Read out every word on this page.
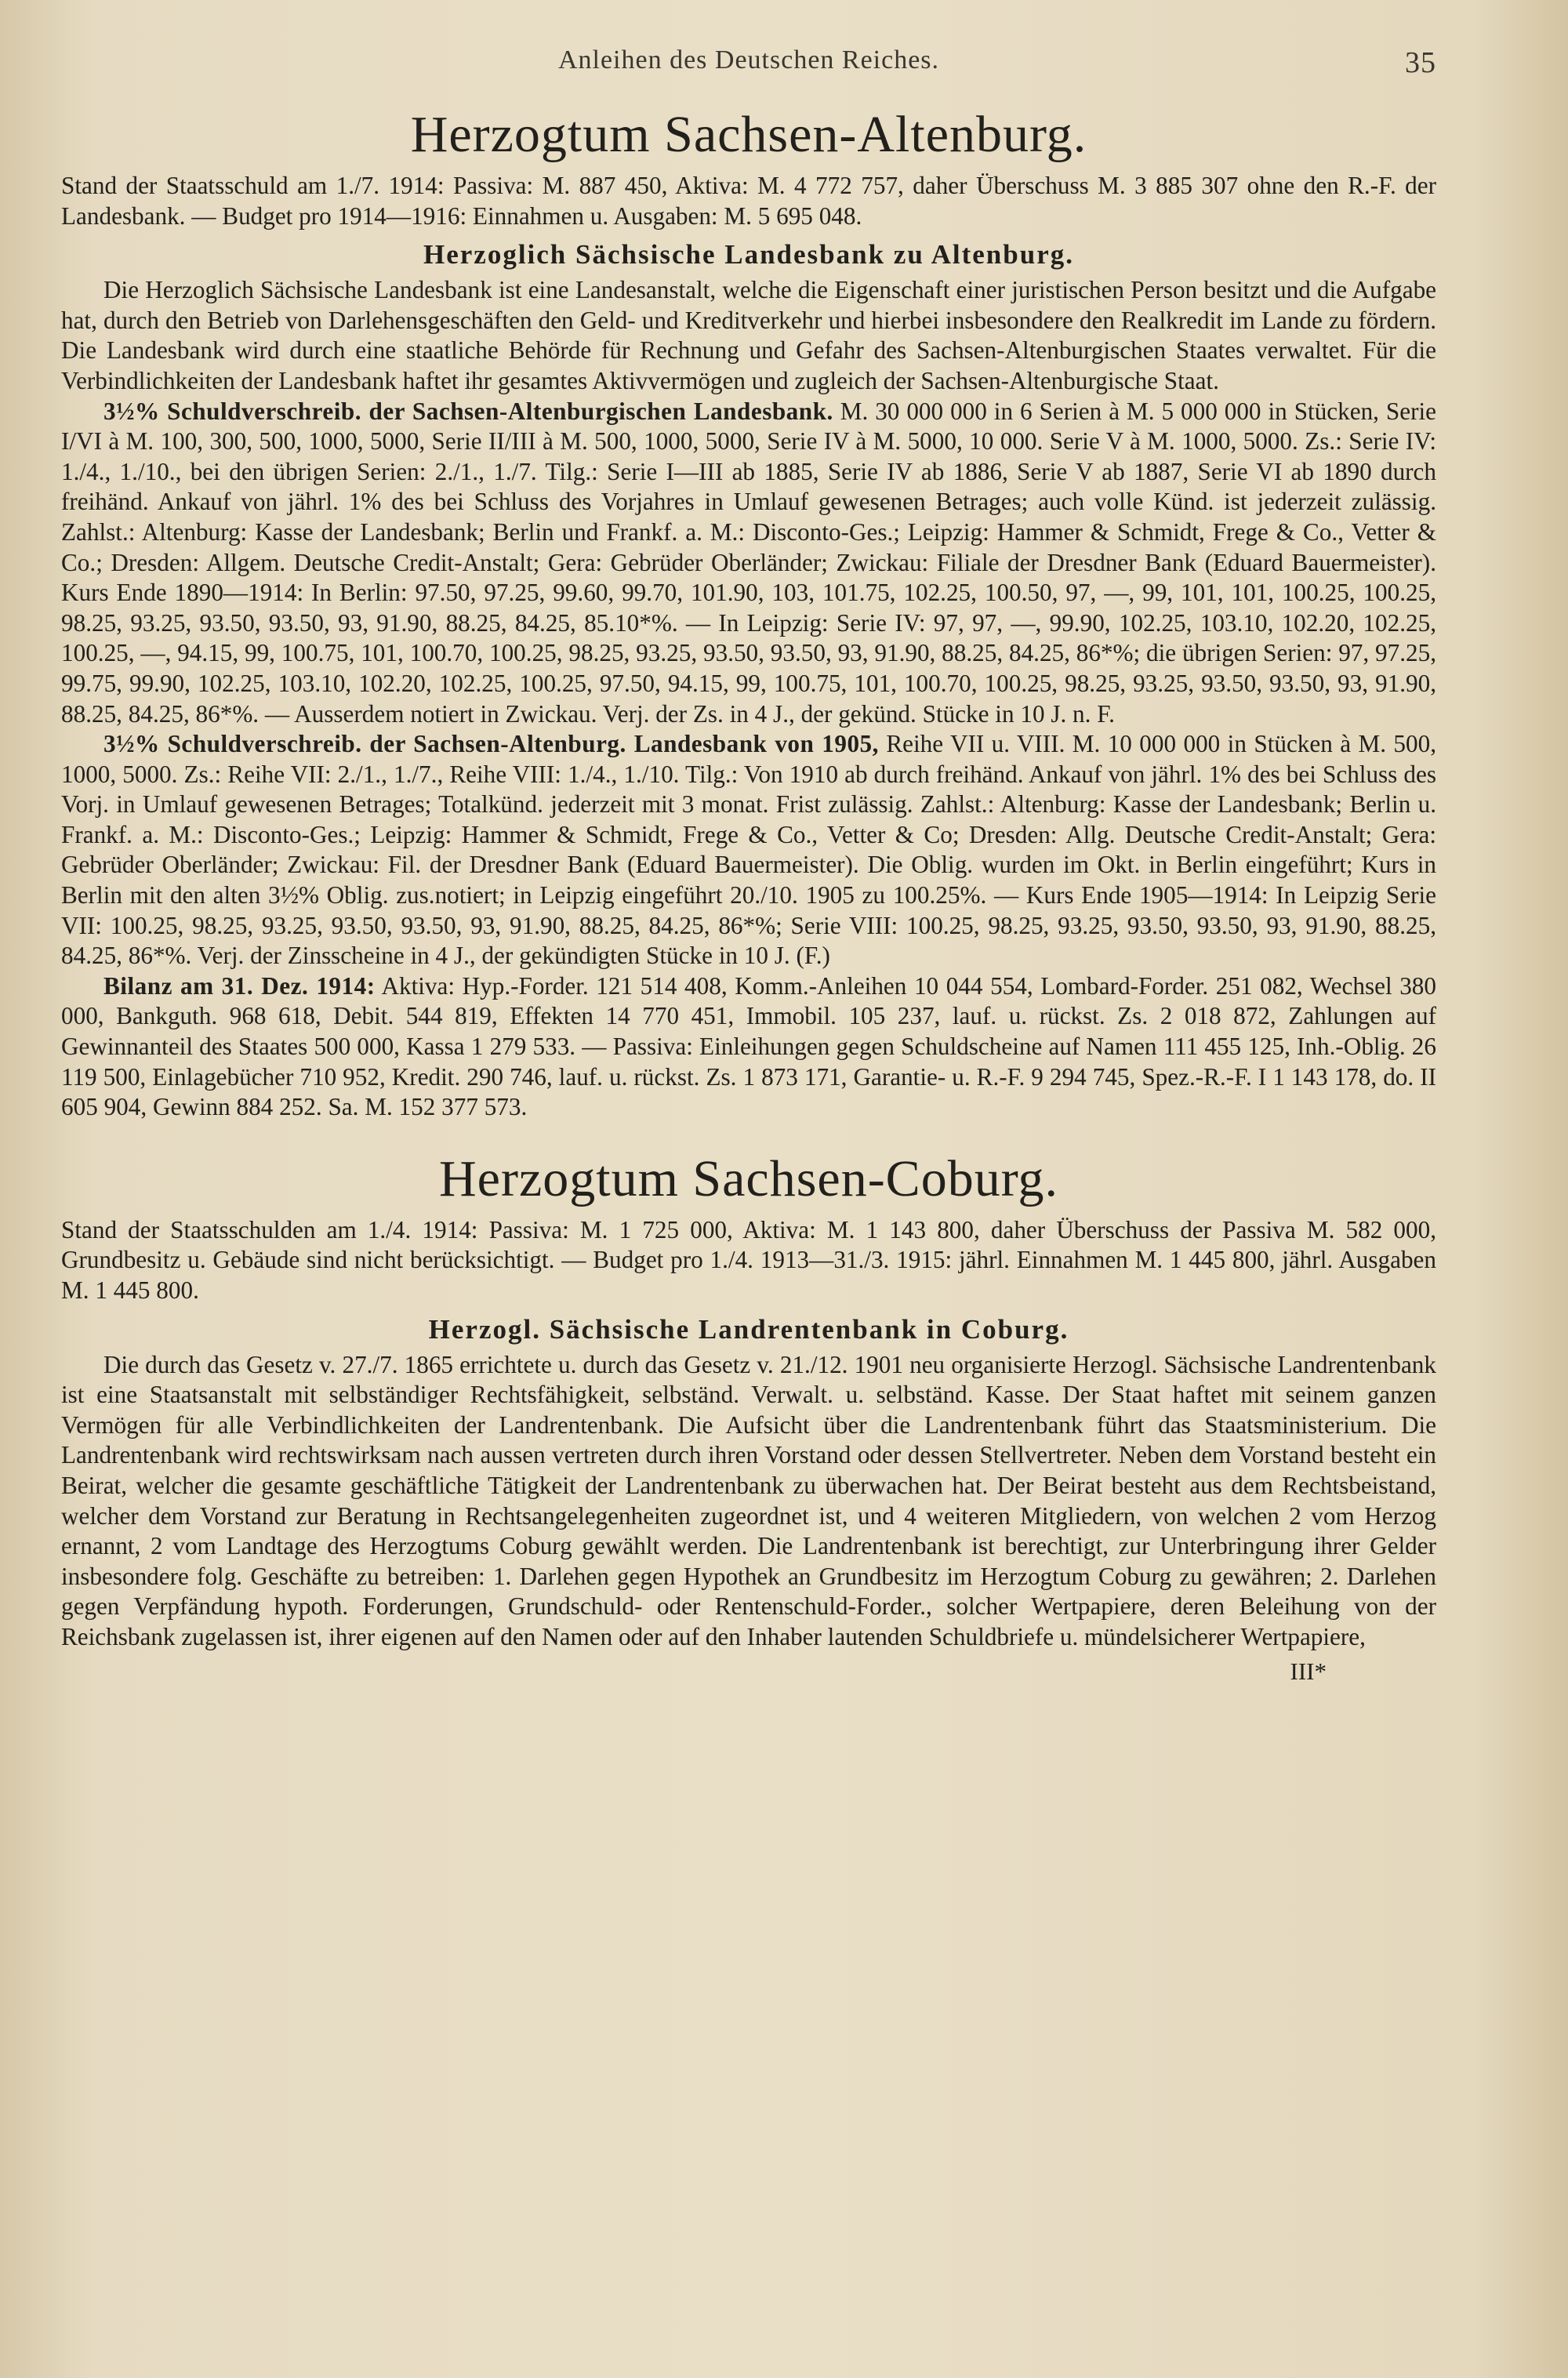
Anleihen des Deutschen Reiches.	35
Herzogtum Sachsen-Altenburg.

Stand der Staatsschuld am 1./7. 1914: Passiva: M. 887 450, Aktiva: M. 4 772 757, daher Überschuss M. 3 885 307 ohne den R.-F. der Landesbank. — Budget pro 1914—1916: Einnahmen u. Ausgaben: M. 5 695 048.

Herzoglich Sächsische Landesbank zu Altenburg.

Die Herzoglich Sächsische Landesbank ist eine Landesanstalt, welche die Eigenschaft einer juristischen Person besitzt und die Aufgabe hat, durch den Betrieb von Darlehensgeschäften den Geld- und Kreditverkehr und hierbei insbesondere den Realkredit im Lande zu fördern. Die Landesbank wird durch eine staatliche Behörde für Rechnung und Gefahr des Sachsen-Altenburgischen Staates verwaltet. Für die Verbindlichkeiten der Landesbank haftet ihr gesamtes Aktivvermögen und zugleich der Sachsen-Altenburgische Staat.

3½% Schuldverschreib. der Sachsen-Altenburgischen Landesbank. M. 30 000 000 in 6 Serien à M. 5 000 000 in Stücken, Serie I/VI à M. 100, 300, 500, 1000, 5000, Serie II/III à M. 500, 1000, 5000, Serie IV à M. 5000, 10 000. Serie V à M. 1000, 5000. Zs.: Serie IV: 1./4., 1./10., bei den übrigen Serien: 2./1., 1./7. Tilg.: Serie I—III ab 1885, Serie IV ab 1886, Serie V ab 1887, Serie VI ab 1890 durch freihänd. Ankauf von jährl. 1% des bei Schluss des Vorjahres in Umlauf gewesenen Betrages; auch volle Künd. ist jederzeit zulässig. Zahlst.: Altenburg: Kasse der Landesbank; Berlin und Frankf. a. M.: Disconto-Ges.; Leipzig: Hammer & Schmidt, Frege & Co., Vetter & Co.; Dresden: Allgem. Deutsche Credit-Anstalt; Gera: Gebrüder Oberländer; Zwickau: Filiale der Dresdner Bank (Eduard Bauermeister). Kurs Ende 1890—1914: In Berlin: 97.50, 97.25, 99.60, 99.70, 101.90, 103, 101.75, 102.25, 100.50, 97, —, 99, 101, 101, 100.25, 100.25, 98.25, 93.25, 93.50, 93.50, 93, 91.90, 88.25, 84.25, 85.10*%. — In Leipzig: Serie IV: 97, 97, —, 99.90, 102.25, 103.10, 102.20, 102.25, 100.25, —, 94.15, 99, 100.75, 101, 100.70, 100.25, 98.25, 93.25, 93.50, 93.50, 93, 91.90, 88.25, 84.25, 86*%; die übrigen Serien: 97, 97.25, 99.75, 99.90, 102.25, 103.10, 102.20, 102.25, 100.25, 97.50, 94.15, 99, 100.75, 101, 100.70, 100.25, 98.25, 93.25, 93.50, 93.50, 93, 91.90, 88.25, 84.25, 86*%. — Ausserdem notiert in Zwickau. Verj. der Zs. in 4 J., der gekünd. Stücke in 10 J. n. F.

3½% Schuldverschreib. der Sachsen-Altenburg. Landesbank von 1905, Reihe VII u. VIII. M. 10 000 000 in Stücken à M. 500, 1000, 5000. Zs.: Reihe VII: 2./1., 1./7., Reihe VIII: 1./4., 1./10. Tilg.: Von 1910 ab durch freihänd. Ankauf von jährl. 1% des bei Schluss des Vorj. in Umlauf gewesenen Betrages; Totalkünd. jederzeit mit 3 monat. Frist zulässig. Zahlst.: Altenburg: Kasse der Landesbank; Berlin u. Frankf. a. M.: Disconto-Ges.; Leipzig: Hammer & Schmidt, Frege & Co., Vetter & Co; Dresden: Allg. Deutsche Credit-Anstalt; Gera: Gebrüder Oberländer; Zwickau: Fil. der Dresdner Bank (Eduard Bauermeister). Die Oblig. wurden im Okt. in Berlin eingeführt; Kurs in Berlin mit den alten 3½% Oblig. zus.notiert; in Leipzig eingeführt 20./10. 1905 zu 100.25%. — Kurs Ende 1905—1914: In Leipzig Serie VII: 100.25, 98.25, 93.25, 93.50, 93.50, 93, 91.90, 88.25, 84.25, 86*%; Serie VIII: 100.25, 98.25, 93.25, 93.50, 93.50, 93, 91.90, 88.25, 84.25, 86*%. Verj. der Zinsscheine in 4 J., der gekündigten Stücke in 10 J. (F.)

Bilanz am 31. Dez. 1914: Aktiva: Hyp.-Forder. 121 514 408, Komm.-Anleihen 10 044 554, Lombard-Forder. 251 082, Wechsel 380 000, Bankguth. 968 618, Debit. 544 819, Effekten 14 770 451, Immobil. 105 237, lauf. u. rückst. Zs. 2 018 872, Zahlungen auf Gewinnanteil des Staates 500 000, Kassa 1 279 533. — Passiva: Einleihungen gegen Schuldscheine auf Namen 111 455 125, Inh.-Oblig. 26 119 500, Einlagebücher 710 952, Kredit. 290 746, lauf. u. rückst. Zs. 1 873 171, Garantie- u. R.-F. 9 294 745, Spez.-R.-F. I 1 143 178, do. II 605 904, Gewinn 884 252. Sa. M. 152 377 573.

Herzogtum Sachsen-Coburg.

Stand der Staatsschulden am 1./4. 1914: Passiva: M. 1 725 000, Aktiva: M. 1 143 800, daher Überschuss der Passiva M. 582 000, Grundbesitz u. Gebäude sind nicht berücksichtigt. — Budget pro 1./4. 1913—31./3. 1915: jährl. Einnahmen M. 1 445 800, jährl. Ausgaben M. 1 445 800.

Herzogl. Sächsische Landrentenbank in Coburg.

Die durch das Gesetz v. 27./7. 1865 errichtete u. durch das Gesetz v. 21./12. 1901 neu organisierte Herzogl. Sächsische Landrentenbank ist eine Staatsanstalt mit selbständiger Rechtsfähigkeit, selbständ. Verwalt. u. selbständ. Kasse. Der Staat haftet mit seinem ganzen Vermögen für alle Verbindlichkeiten der Landrentenbank. Die Aufsicht über die Landrentenbank führt das Staatsministerium. Die Landrentenbank wird rechtswirksam nach aussen vertreten durch ihren Vorstand oder dessen Stellvertreter. Neben dem Vorstand besteht ein Beirat, welcher die gesamte geschäftliche Tätigkeit der Landrentenbank zu überwachen hat. Der Beirat besteht aus dem Rechtsbeistand, welcher dem Vorstand zur Beratung in Rechtsangelegenheiten zugeordnet ist, und 4 weiteren Mitgliedern, von welchen 2 vom Herzog ernannt, 2 vom Landtage des Herzogtums Coburg gewählt werden. Die Landrentenbank ist berechtigt, zur Unterbringung ihrer Gelder insbesondere folg. Geschäfte zu betreiben: 1. Darlehen gegen Hypothek an Grundbesitz im Herzogtum Coburg zu gewähren; 2. Darlehen gegen Verpfändung hypoth. Forderungen, Grundschuld- oder Rentenschuld-Forder., solcher Wertpapiere, deren Beleihung von der Reichsbank zugelassen ist, ihrer eigenen auf den Namen oder auf den Inhaber lautenden Schuldbriefe u. mündelsicherer Wertpapiere,

III*
